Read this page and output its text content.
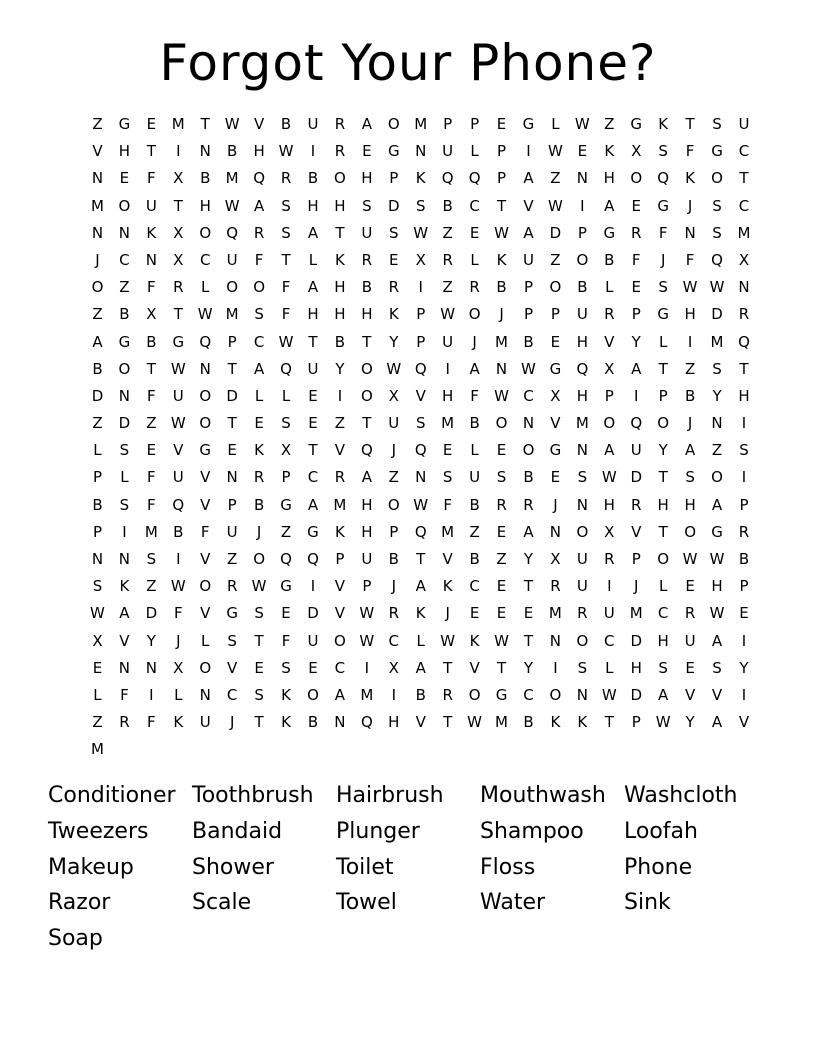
Forgot Your Phone?
Z	G	E	M	T W V	B	U	R	A	O M	P	P	E	G	L	W Z	G	K	T	S	U
V	H	T	I	N	B	H W	I	R	E	G	N	U	L	P	I	W E	K	X	S	F	G	C
N	E	F	X	B	M Q	R	B	O	H	P	K	Q	Q	P	A	Z	N	H	O	Q	K	O	T
M O	U	T	H W A	S	H	H	S	D	S	B	C	T	V W	I	A	E	G	J	S	C
N	N	K	X	O	Q	R	S	A	T	U	S W Z	E W A	D	P	G	R	F	N	S	M
J	C	N	X	C	U	F	T	L	K	R	E	X	R	L	K	U	Z	O	B	F	J	F	Q	X
O	Z	F	R	L	O	O	F	A	H	B	R	I	Z	R	B	P	O	B	L	E	S W W N
Z	B	X	T W M	S	F	H	H	H	K	P	W O	J	P	P	U	R	P	G	H	D	R
A	G	B	G	Q	P	C W T	B	T	Y	P	U	J	M	B	E	H	V	Y	L	I	M Q
B	O	T W N	T	A	Q	U	Y	O W Q	I	A	N W G	Q	X	A	T	Z	S	T
D	N	F	U	O	D	L	L	E	I	O	X	V	H	F	W C	X	H	P	I	P	B	Y	H
Z	D	Z W O	T	E	S	E	Z	T	U	S	M	B	O	N	V	M O	Q	O	J	N	I
L	S	E	V	G	E	K	X	T	V	Q	J	Q	E	L	E	O	G	N	A	U	Y	A	Z	S
P	L	F	U	V	N	R	P	C	R	A	Z	N	S	U	S	B	E	S W D	T	S	O	I
B	S	F	Q	V	P	B	G	A	M H	O W	F	B	R	R	J	N	H	R	H	H	A	P
P	I	M	B	F	U	J	Z	G	K	H	P	Q M	Z	E	A	N	O	X	V	T	O	G	R
N	N	S	I	V	Z	O	Q	Q	P	U	B	T	V	B	Z	Y	X	U	R	P	O W W B
S	K	Z W O	R W G	I	V	P	J	A	K	C	E	T	R	U	I	J	L	E	H	P
W A	D	F	V	G	S	E	D	V W R	K	J	E	E	E	M	R	U M	C	R W E
X	V	Y	J	L	S	T	F	U	O W C	L	W K W T	N	O	C	D	H	U	A	I
E	N	N	X	O	V	E	S	E	C	I	X	A	T	V	T	Y	I	S	L	H	S	E	S	Y
L	F	I	L	N	C	S	K	O	A	M	I	B	R	O	G	C	O	N W D	A	V	V	I
Z	R	F	K	U	J	T	K	B	N	Q	H	V	T W M	B	K	K	T	P	W Y	A	V
M
Conditioner Toothbrush	Hairbrush	Mouthwash Washcloth
Tweezers	Bandaid	Plunger	Shampoo	Loofah
Makeup	Shower	Toilet	Floss	Phone
Razor	Scale	Towel	Water	Sink
Soap
